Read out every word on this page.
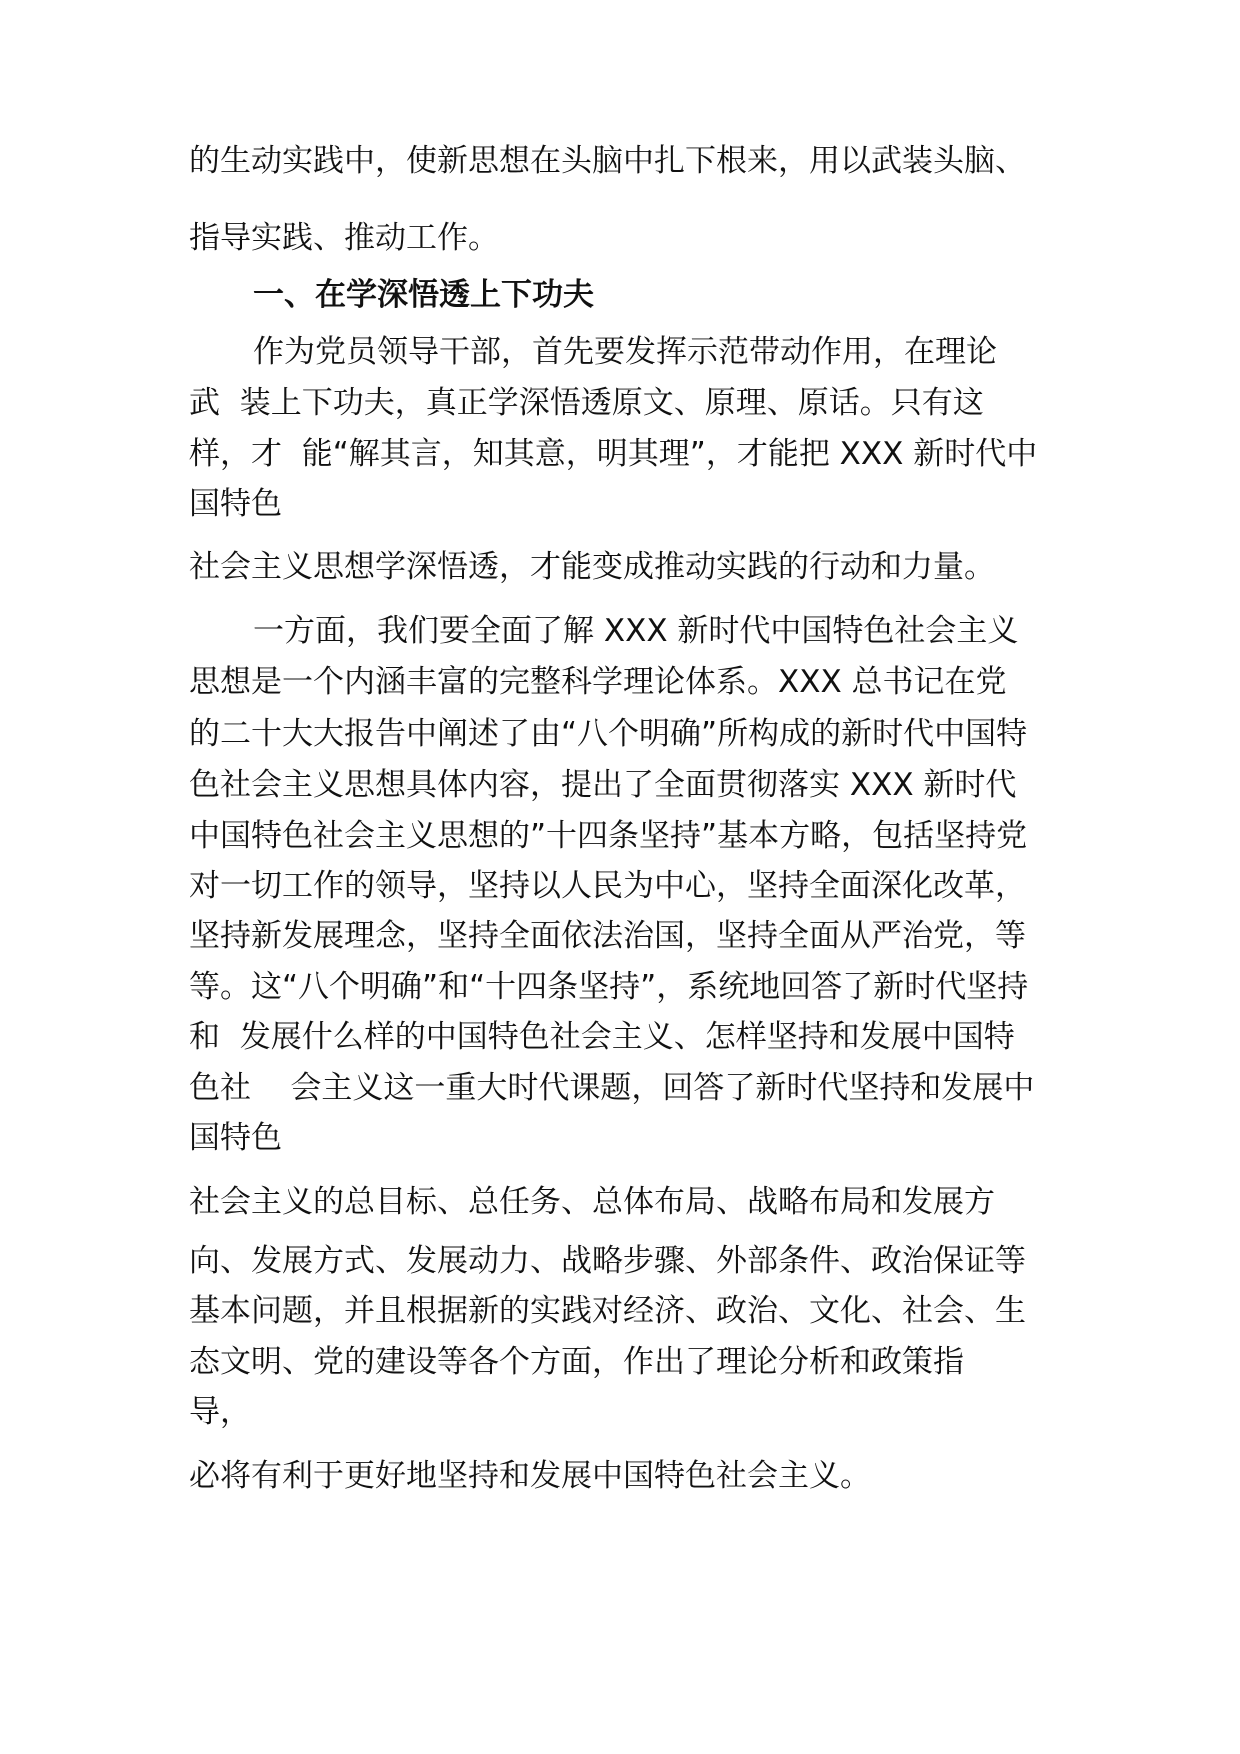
的生动实践中，使新思想在头脑中扎下根来，用以武装头脑、

指导实践、推动工作。

一、在学深悟透上下功夫

作为党员领导干部，首先要发挥示范带动作用，在理论

武  装上下功夫，真正学深悟透原文、原理、原话。只有这

样，才  能“解其言，知其意，明其理”，才能把 XXX 新时代中

国特色

社会主义思想学深悟透，才能变成推动实践的行动和力量。

一方面，我们要全面了解 XXX 新时代中国特色社会主义

思想是一个内涵丰富的完整科学理论体系。XXX 总书记在党

的二十大大报告中阐述了由“八个明确”所构成的新时代中国特

色社会主义思想具体内容，提出了全面贯彻落实 XXX 新时代

中国特色社会主义思想的”十四条坚持”基本方略，包括坚持党

对一切工作的领导，坚持以人民为中心，坚持全面深化改革，

坚持新发展理念，坚持全面依法治国，坚持全面从严治党，等

等。这“八个明确”和“十四条坚持”，系统地回答了新时代坚持

和  发展什么样的中国特色社会主义、怎样坚持和发展中国特

色社    会主义这一重大时代课题，回答了新时代坚持和发展中

国特色

社会主义的总目标、总任务、总体布局、战略布局和发展方

向、发展方式、发展动力、战略步骤、外部条件、政治保证等

基本问题，并且根据新的实践对经济、政治、文化、社会、生

态文明、党的建设等各个方面，作出了理论分析和政策指

导，

必将有利于更好地坚持和发展中国特色社会主义。
